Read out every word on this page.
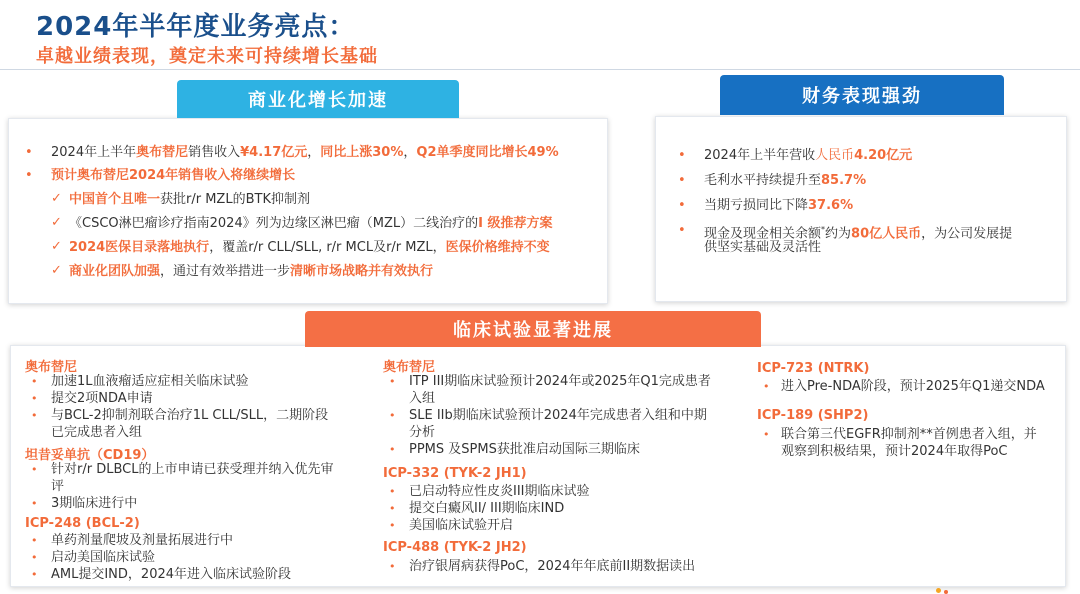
2024年半年度业务亮点：
卓越业绩表现，奠定未来可持续增长基础
• 2024年上半年奥布替尼销售收入¥4.17亿元，同比上涨30%，Q2单季度同比增长49%
• 预计奥布替尼2024年销售收入将继续增长
✓ 中国首个且唯一获批r/r MZL的BTK抑制剂
✓ 《CSCO淋巴瘤诊疗指南2024》列为边缘区淋巴瘤（MZL）二线治疗的I 级推荐方案
✓ 2024医保目录落地执行，覆盖r/r CLL/SLL, r/r MCL及r/r MZL，医保价格维持不变
✓ 商业化团队加强，通过有效举措进一步清晰市场战略并有效执行
商业化增长加速
• 2024年上半年营收人民币4.20亿元
• 毛利水平持续提升至85.7%
• 当期亏损同比下降37.6%
• 现金及现金相关余额*约为80亿人民币，为公司发展提
供坚实基础及灵活性
财务表现强劲
奥布替尼
• 加速1L血液瘤适应症相关临床试验
• 提交2项NDA申请
• 与BCL-2抑制剂联合治疗1L CLL/SLL，二期阶段
已完成患者入组
坦昔妥单抗（CD19）
• 针对r/r DLBCL的上市申请已获受理并纳入优先审
评
• 3期临床进行中
ICP-248 (BCL-2)
• 单药剂量爬坡及剂量拓展进行中
• 启动美国临床试验
• AML提交IND，2024年进入临床试验阶段
奥布替尼
• ITP III期临床试验预计2024年或2025年Q1完成患者
入组
• SLE IIb期临床试验预计2024年完成患者入组和中期
分析
• PPMS 及SPMS获批准启动国际三期临床
ICP-332 (TYK-2 JH1)
• 已启动特应性皮炎III期临床试验
• 提交白癜风II/ III期临床IND
• 美国临床试验开启
ICP-488 (TYK-2 JH2)
• 治疗银屑病获得PoC，2024年年底前II期数据读出
ICP-723 (NTRK)
• 进入Pre-NDA阶段，预计2025年Q1递交NDA
ICP-189 (SHP2)
• 联合第三代EGFR抑制剂**首例患者入组，并
观察到积极结果，预计2024年取得PoC
临床试验显著进展
